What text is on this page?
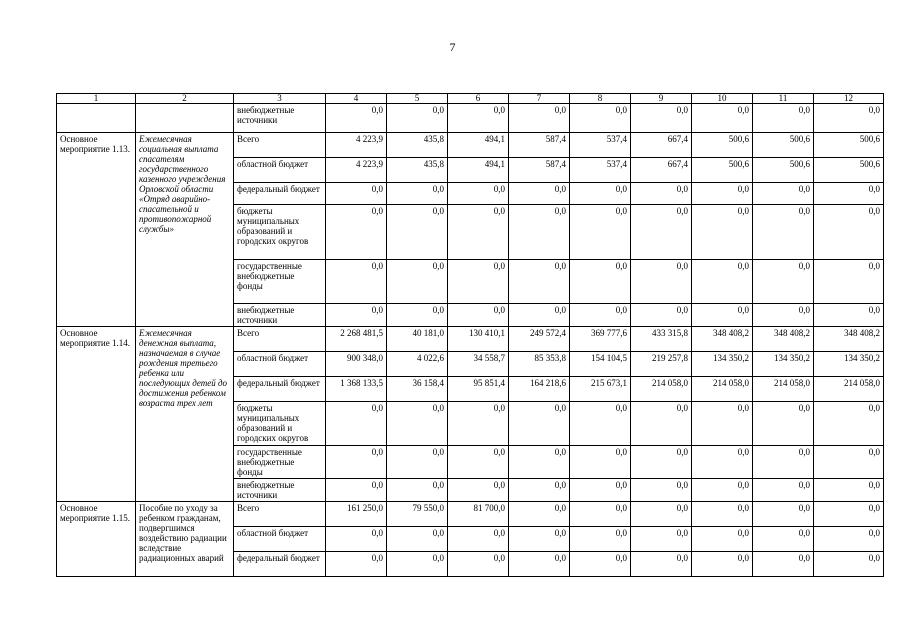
7
1	2	3	4	5	6	7	8	9	10	11	12
		внебюджетные источники	0,0	0,0	0,0	0,0	0,0	0,0	0,0	0,0	0,0
Основное мероприятие 1.13.	Ежемесячная социальная выплата спасателям государственного казенного учреждения Орловской области «Отряд аварийно-спасательной и противопожарной службы»	Всего	4 223,9	435,8	494,1	587,4	537,4	667,4	500,6	500,6	500,6
		областной бюджет	4 223,9	435,8	494,1	587,4	537,4	667,4	500,6	500,6	500,6
		федеральный бюджет	0,0	0,0	0,0	0,0	0,0	0,0	0,0	0,0	0,0
		бюджеты муниципальных образований и городских округов	0,0	0,0	0,0	0,0	0,0	0,0	0,0	0,0	0,0
		государственные внебюджетные фонды	0,0	0,0	0,0	0,0	0,0	0,0	0,0	0,0	0,0
		внебюджетные источники	0,0	0,0	0,0	0,0	0,0	0,0	0,0	0,0	0,0
Основное мероприятие 1.14.	Ежемесячная денежная выплата, назначаемая в случае рождения третьего ребенка или последующих детей до достижения ребенком возраста трех лет	Всего	2 268 481,5	40 181,0	130 410,1	249 572,4	369 777,6	433 315,8	348 408,2	348 408,2	348 408,2
		областной бюджет	900 348,0	4 022,6	34 558,7	85 353,8	154 104,5	219 257,8	134 350,2	134 350,2	134 350,2
		федеральный бюджет	1 368 133,5	36 158,4	95 851,4	164 218,6	215 673,1	214 058,0	214 058,0	214 058,0	214 058,0
		бюджеты муниципальных образований и городских округов	0,0	0,0	0,0	0,0	0,0	0,0	0,0	0,0	0,0
		государственные внебюджетные фонды	0,0	0,0	0,0	0,0	0,0	0,0	0,0	0,0	0,0
		внебюджетные источники	0,0	0,0	0,0	0,0	0,0	0,0	0,0	0,0	0,0
Основное мероприятие 1.15.	Пособие по уходу за ребенком гражданам, подвергшимся воздействию радиации вследствие радиационных аварий	Всего	161 250,0	79 550,0	81 700,0	0,0	0,0	0,0	0,0	0,0	0,0
		областной бюджет	0,0	0,0	0,0	0,0	0,0	0,0	0,0	0,0	0,0
		федеральный бюджет	0,0	0,0	0,0	0,0	0,0	0,0	0,0	0,0	0,0
